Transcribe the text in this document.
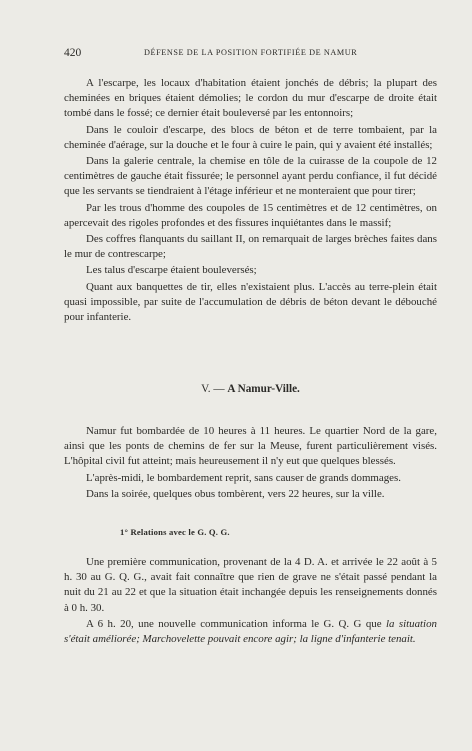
420	DÉFENSE DE LA POSITION FORTIFIÉE DE NAMUR

A l'escarpe, les locaux d'habitation étaient jonchés de débris; la plupart des cheminées en briques étaient démolies; le cordon du mur d'escarpe de droite était tombé dans le fossé; ce dernier était bouleversé par les entonnoirs;

Dans le couloir d'escarpe, des blocs de béton et de terre tombaient, par la cheminée d'aérage, sur la douche et le four à cuire le pain, qui y avaient été installés;

Dans la galerie centrale, la chemise en tôle de la cuirasse de la coupole de 12 centimètres de gauche était fissurée; le personnel ayant perdu confiance, il fut décidé que les servants se tiendraient à l'étage inférieur et ne monteraient que pour tirer;

Par les trous d'homme des coupoles de 15 centimètres et de 12 centimètres, on apercevait des rigoles profondes et des fissures inquiétantes dans le massif;

Des coffres flanquants du saillant II, on remarquait de larges brèches faites dans le mur de contrescarpe;

Les talus d'escarpe étaient bouleversés;

Quant aux banquettes de tir, elles n'existaient plus. L'accès au terre-plein était quasi impossible, par suite de l'accumulation de débris de béton devant le débouché pour infanterie.

V. — A Namur-Ville.

Namur fut bombardée de 10 heures à 11 heures. Le quartier Nord de la gare, ainsi que les ponts de chemins de fer sur la Meuse, furent particulièrement visés. L'hôpital civil fut atteint; mais heureusement il n'y eut que quelques blessés.

L'après-midi, le bombardement reprit, sans causer de grands dommages.

Dans la soirée, quelques obus tombèrent, vers 22 heures, sur la ville.

1° Relations avec le G. Q. G.

Une première communication, provenant de la 4 D. A. et arrivée le 22 août à 5 h. 30 au G. Q. G., avait fait connaître que rien de grave ne s'était passé pendant la nuit du 21 au 22 et que la situation était inchangée depuis les renseignements donnés à 0 h. 30.

A 6 h. 20, une nouvelle communication informa le G. Q. G que la situation s'était améliorée; Marchovelette pouvait encore agir; la ligne d'infanterie tenait.
